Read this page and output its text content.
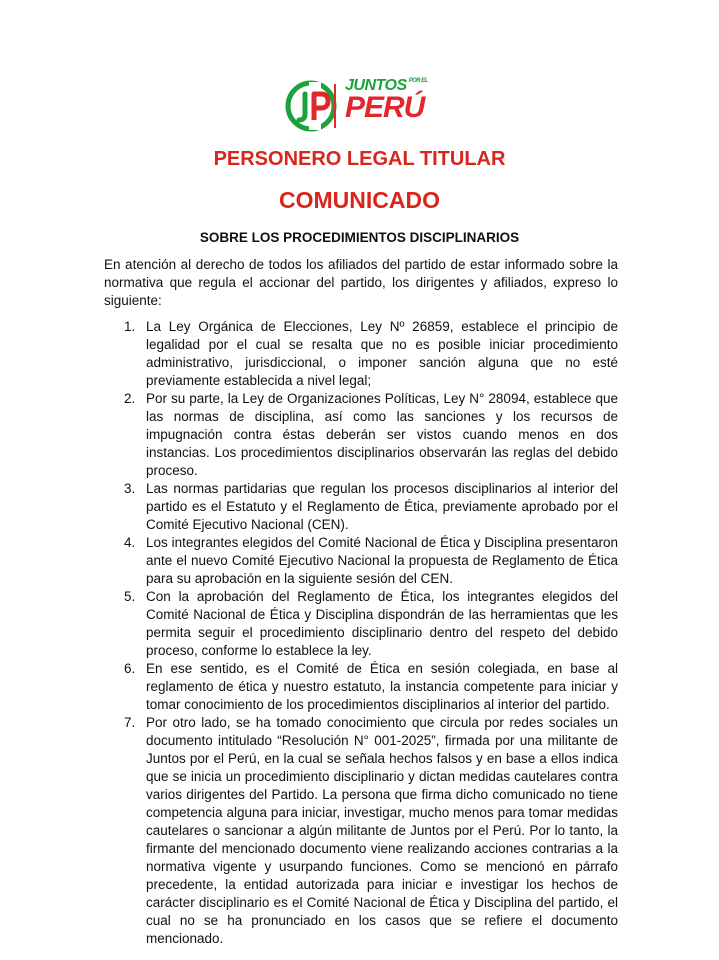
JUNTOS POR EL
PERÚ
PERSONERO LEGAL TITULAR
COMUNICADO
SOBRE LOS PROCEDIMIENTOS DISCIPLINARIOS

En atención al derecho de todos los afiliados del partido de estar informado sobre la normativa que regula el accionar del partido, los dirigentes y afiliados, expreso lo siguiente:

1. La Ley Orgánica de Elecciones, Ley Nº 26859, establece el principio de legalidad por el cual se resalta que no es posible iniciar procedimiento administrativo, jurisdiccional, o imponer sanción alguna que no esté previamente establecida a nivel legal;
2. Por su parte, la Ley de Organizaciones Políticas, Ley N° 28094, establece que las normas de disciplina, así como las sanciones y los recursos de impugnación contra éstas deberán ser vistos cuando menos en dos instancias. Los procedimientos disciplinarios observarán las reglas del debido proceso.
3. Las normas partidarias que regulan los procesos disciplinarios al interior del partido es el Estatuto y el Reglamento de Ética, previamente aprobado por el Comité Ejecutivo Nacional (CEN).
4. Los integrantes elegidos del Comité Nacional de Ética y Disciplina presentaron ante el nuevo Comité Ejecutivo Nacional la propuesta de Reglamento de Ética para su aprobación en la siguiente sesión del CEN.
5. Con la aprobación del Reglamento de Ética, los integrantes elegidos del Comité Nacional de Ética y Disciplina dispondrán de las herramientas que les permita seguir el procedimiento disciplinario dentro del respeto del debido proceso, conforme lo establece la ley.
6. En ese sentido, es el Comité de Ética en sesión colegiada, en base al reglamento de ética y nuestro estatuto, la instancia competente para iniciar y tomar conocimiento de los procedimientos disciplinarios al interior del partido.
7. Por otro lado, se ha tomado conocimiento que circula por redes sociales un documento intitulado “Resolución N° 001-2025”, firmada por una militante de Juntos por el Perú, en la cual se señala hechos falsos y en base a ellos indica que se inicia un procedimiento disciplinario y dictan medidas cautelares contra varios dirigentes del Partido. La persona que firma dicho comunicado no tiene competencia alguna para iniciar, investigar, mucho menos para tomar medidas cautelares o sancionar a algún militante de Juntos por el Perú. Por lo tanto, la firmante del mencionado documento viene realizando acciones contrarias a la normativa vigente y usurpando funciones. Como se mencionó en párrafo precedente, la entidad autorizada para iniciar e investigar los hechos de carácter disciplinario es el Comité Nacional de Ética y Disciplina del partido, el cual no se ha pronunciado en los casos que se refiere el documento mencionado.
